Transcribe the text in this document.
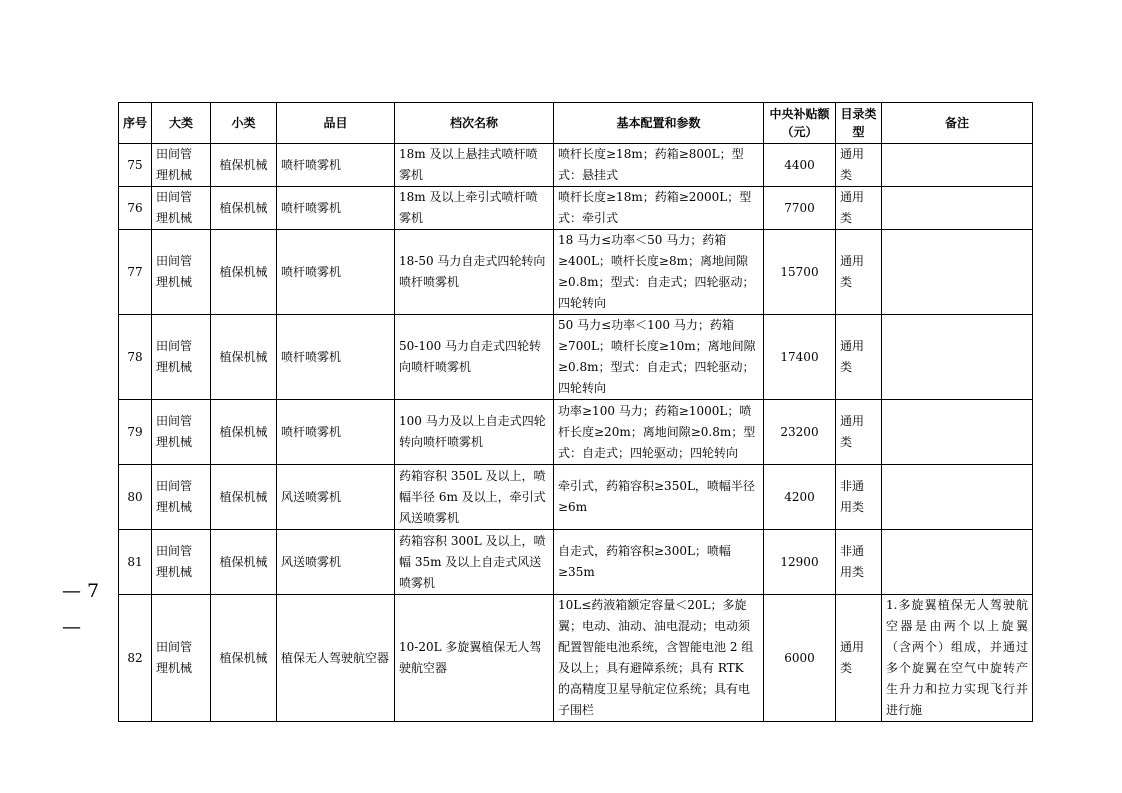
— 7
—
序号	大类	小类	品目	档次名称	基本配置和参数	中央补贴额（元）	目录类型	备注
75	田间管理机械	植保机械	喷杆喷雾机	18m 及以上悬挂式喷杆喷雾机	喷杆长度≥18m；药箱≥800L；型式：悬挂式	4400	通用类	
76	田间管理机械	植保机械	喷杆喷雾机	18m 及以上牵引式喷杆喷雾机	喷杆长度≥18m；药箱≥2000L；型式：牵引式	7700	通用类	
77	田间管理机械	植保机械	喷杆喷雾机	18-50 马力自走式四轮转向喷杆喷雾机	18 马力≤功率＜50 马力；药箱≥400L；喷杆长度≥8m；离地间隙≥0.8m；型式：自走式；四轮驱动；四轮转向	15700	通用类	
78	田间管理机械	植保机械	喷杆喷雾机	50-100 马力自走式四轮转向喷杆喷雾机	50 马力≤功率＜100 马力；药箱≥700L；喷杆长度≥10m；离地间隙≥0.8m；型式：自走式；四轮驱动；四轮转向	17400	通用类	
79	田间管理机械	植保机械	喷杆喷雾机	100 马力及以上自走式四轮转向喷杆喷雾机	功率≥100 马力；药箱≥1000L；喷杆长度≥20m；离地间隙≥0.8m；型式：自走式；四轮驱动；四轮转向	23200	通用类	
80	田间管理机械	植保机械	风送喷雾机	药箱容积 350L 及以上，喷幅半径 6m 及以上，牵引式风送喷雾机	牵引式，药箱容积≥350L，喷幅半径≥6m	4200	非通用类	
81	田间管理机械	植保机械	风送喷雾机	药箱容积 300L 及以上，喷幅 35m 及以上自走式风送喷雾机	自走式，药箱容积≥300L；喷幅≥35m	12900	非通用类	
82	田间管理机械	植保机械	植保无人驾驶航空器	10-20L 多旋翼植保无人驾驶航空器	10L≤药液箱额定容量＜20L；多旋翼；电动、油动、油电混动；电动须配置智能电池系统，含智能电池 2 组及以上；具有避障系统；具有 RTK 的高精度卫星导航定位系统；具有电子围栏	6000	通用类	1.多旋翼植保无人驾驶航空器是由两个以上旋翼（含两个）组成，并通过多个旋翼在空气中旋转产生升力和拉力实现飞行并进行施
